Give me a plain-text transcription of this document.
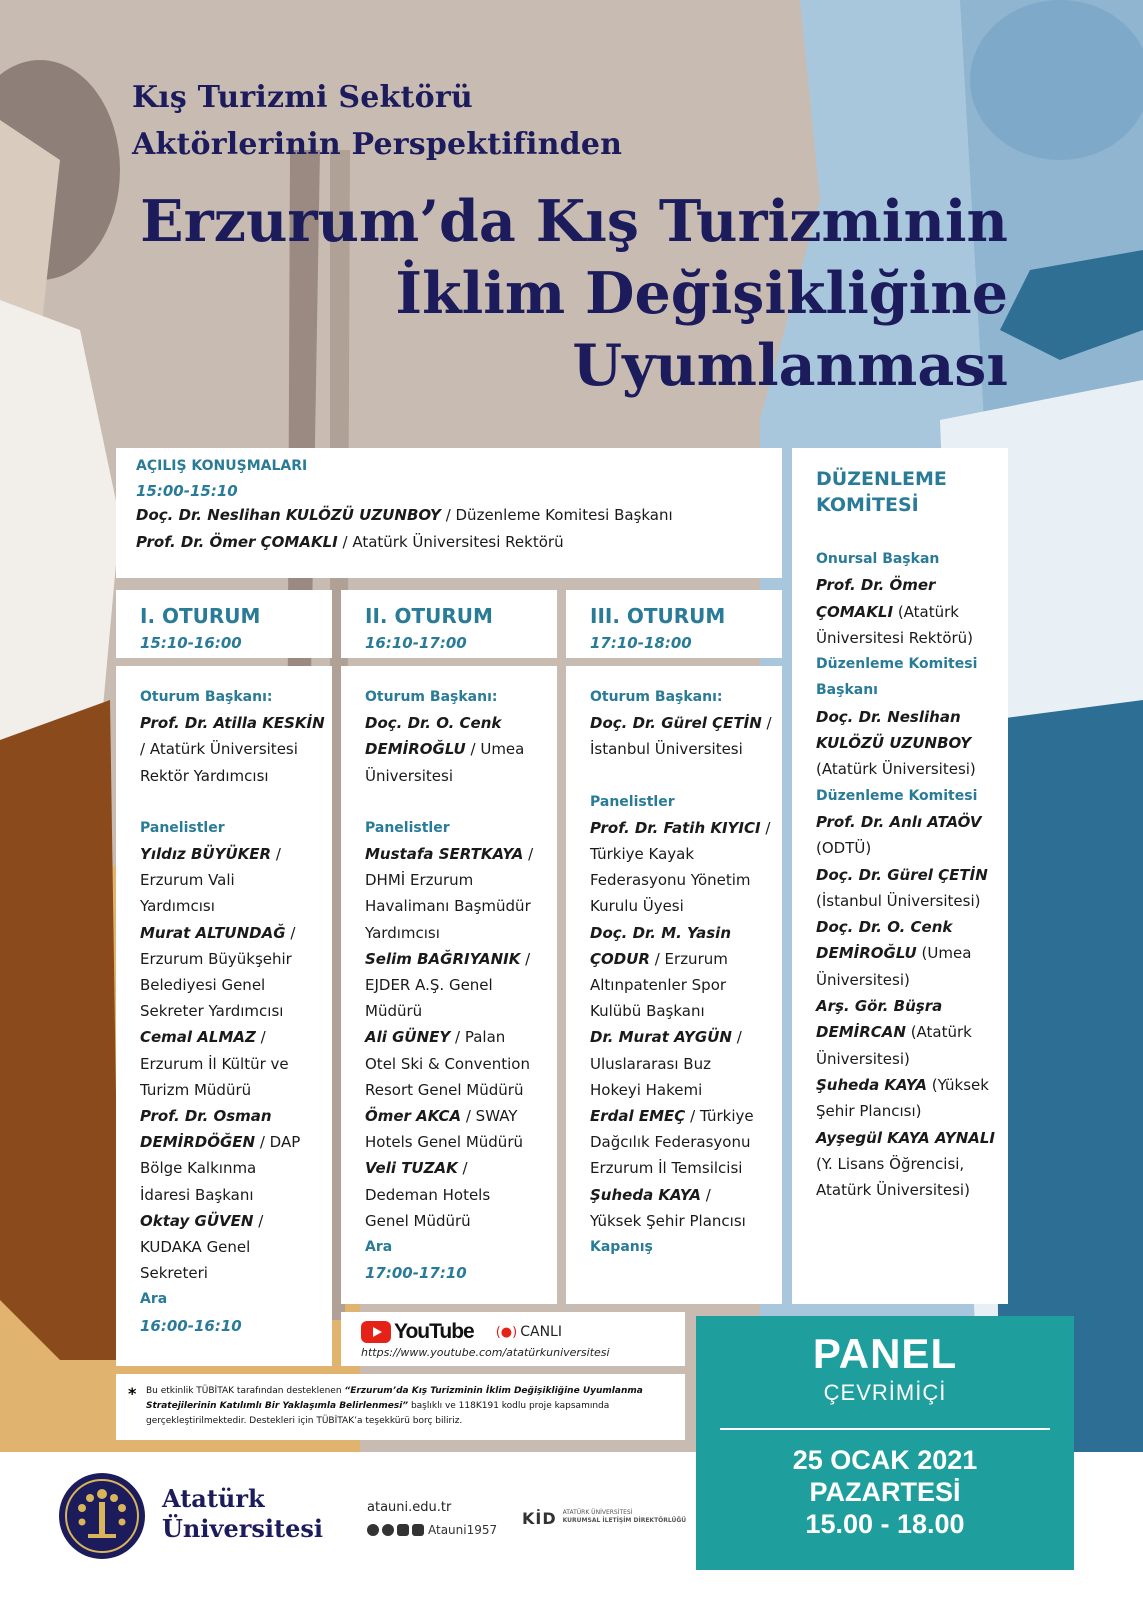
Kış Turizmi Sektörü
Aktörlerinin Perspektifinden
Erzurum’da Kış Turizminin
İklim Değişikliğine
Uyumlanması
AÇILIŞ KONUŞMALARI
15:00-15:10
Doç. Dr. Neslihan KULÖZÜ UZUNBOY / Düzenleme Komitesi Başkanı
Prof. Dr. Ömer ÇOMAKLI / Atatürk Üniversitesi Rektörü
I. OTURUM
15:10-16:00
II. OTURUM
16:10-17:00
III. OTURUM
17:10-18:00
Oturum Başkanı:
Prof. Dr. Atilla KESKİN
/ Atatürk Üniversitesi
Rektör Yardımcısı
Panelistler
Yıldız BÜYÜKER /
Erzurum Vali
Yardımcısı
Murat ALTUNDAĞ /
Erzurum Büyükşehir
Belediyesi Genel
Sekreter Yardımcısı
Cemal ALMAZ /
Erzurum İl Kültür ve
Turizm Müdürü
Prof. Dr. Osman
DEMİRDÖĞEN / DAP
Bölge Kalkınma
İdaresi Başkanı
Oktay GÜVEN /
KUDAKA Genel
Sekreteri
Ara
16:00-16:10
Oturum Başkanı:
Doç. Dr. O. Cenk
DEMİROĞLU / Umea
Üniversitesi
Panelistler
Mustafa SERTKAYA /
DHMİ Erzurum
Havalimanı Başmüdür
Yardımcısı
Selim BAĞRIYANIK /
EJDER A.Ş. Genel
Müdürü
Ali GÜNEY / Palan
Otel Ski & Convention
Resort Genel Müdürü
Ömer AKCA / SWAY
Hotels Genel Müdürü
Veli TUZAK /
Dedeman Hotels
Genel Müdürü
Ara
17:00-17:10
Oturum Başkanı:
Doç. Dr. Gürel ÇETİN /
İstanbul Üniversitesi
Panelistler
Prof. Dr. Fatih KIYICI /
Türkiye Kayak
Federasyonu Yönetim
Kurulu Üyesi
Doç. Dr. M. Yasin
ÇODUR / Erzurum
Altınpatenler Spor
Kulübü Başkanı
Dr. Murat AYGÜN /
Uluslararası Buz
Hokeyi Hakemi
Erdal EMEÇ / Türkiye
Dağcılık Federasyonu
Erzurum İl Temsilcisi
Şuheda KAYA /
Yüksek Şehir Plancısı
Kapanış
DÜZENLEME KOMİTESİ
Onursal Başkan
Prof. Dr. Ömer
ÇOMAKLI (Atatürk
Üniversitesi Rektörü)
Düzenleme Komitesi
Başkanı
Doç. Dr. Neslihan
KULÖZÜ UZUNBOY
(Atatürk Üniversitesi)
Düzenleme Komitesi
Prof. Dr. Anlı ATAÖV
(ODTÜ)
Doç. Dr. Gürel ÇETİN
(İstanbul Üniversitesi)
Doç. Dr. O. Cenk
DEMİROĞLU (Umea
Üniversitesi)
Arş. Gör. Büşra
DEMİRCAN (Atatürk
Üniversitesi)
Şuheda KAYA (Yüksek
Şehir Plancısı)
Ayşegül KAYA AYNALI
(Y. Lisans Öğrencisi,
Atatürk Üniversitesi)
YouTube (●) CANLI
https://www.youtube.com/atatürkuniversitesi
* Bu etkinlik TÜBİTAK tarafından desteklenen “Erzurum’da Kış Turizminin İklim Değişikliğine Uyumlanma Stratejilerinin Katılımlı Bir Yaklaşımla Belirlenmesi” başlıklı ve 118K191 kodlu proje kapsamında gerçekleştirilmektedir. Destekleri için TÜBİTAK’a teşekkürü borç biliriz.
PANEL
ÇEVRİMİÇİ
25 OCAK 2021
PAZARTESİ
15.00 - 18.00
Atatürk
Üniversitesi
atauni.edu.tr
Atauni1957
KİD ATATÜRK ÜNİVERSİTESİ
KURUMSAL İLETİŞİM DİREKTÖRLÜĞÜ
